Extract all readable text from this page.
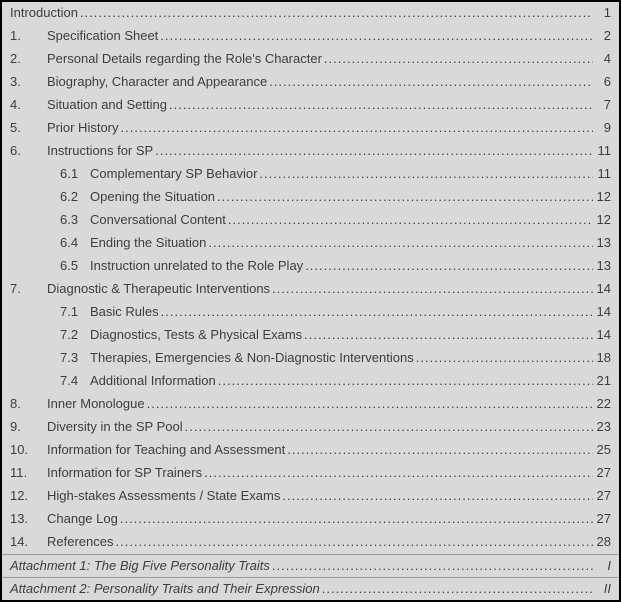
Introduction .....	1
1.	Specification Sheet .....	2
2.	Personal Details regarding the Role's Character .....	4
3.	Biography, Character and Appearance .....	6
4.	Situation and Setting .....	7
5.	Prior History .....	9
6.	Instructions for SP .....	11
6.1 Complementary SP Behavior .....	11
6.2 Opening the Situation .....	12
6.3 Conversational Content .....	12
6.4 Ending the Situation .....	13
6.5 Instruction unrelated to the Role Play .....	13
7.	Diagnostic & Therapeutic Interventions .....	14
7.1 Basic Rules .....	14
7.2 Diagnostics, Tests & Physical Exams .....	14
7.3 Therapies, Emergencies & Non-Diagnostic Interventions .....	18
7.4 Additional Information .....	21
8.	Inner Monologue .....	22
9.	Diversity in the SP Pool .....	23
10.	Information for Teaching and Assessment .....	25
11.	Information for SP Trainers .....	27
12.	High-stakes Assessments / State Exams .....	27
13.	Change Log .....	27
14.	References .....	28
Attachment 1: The Big Five Personality Traits .....	I
Attachment 2: Personality Traits and Their Expression .....	II
